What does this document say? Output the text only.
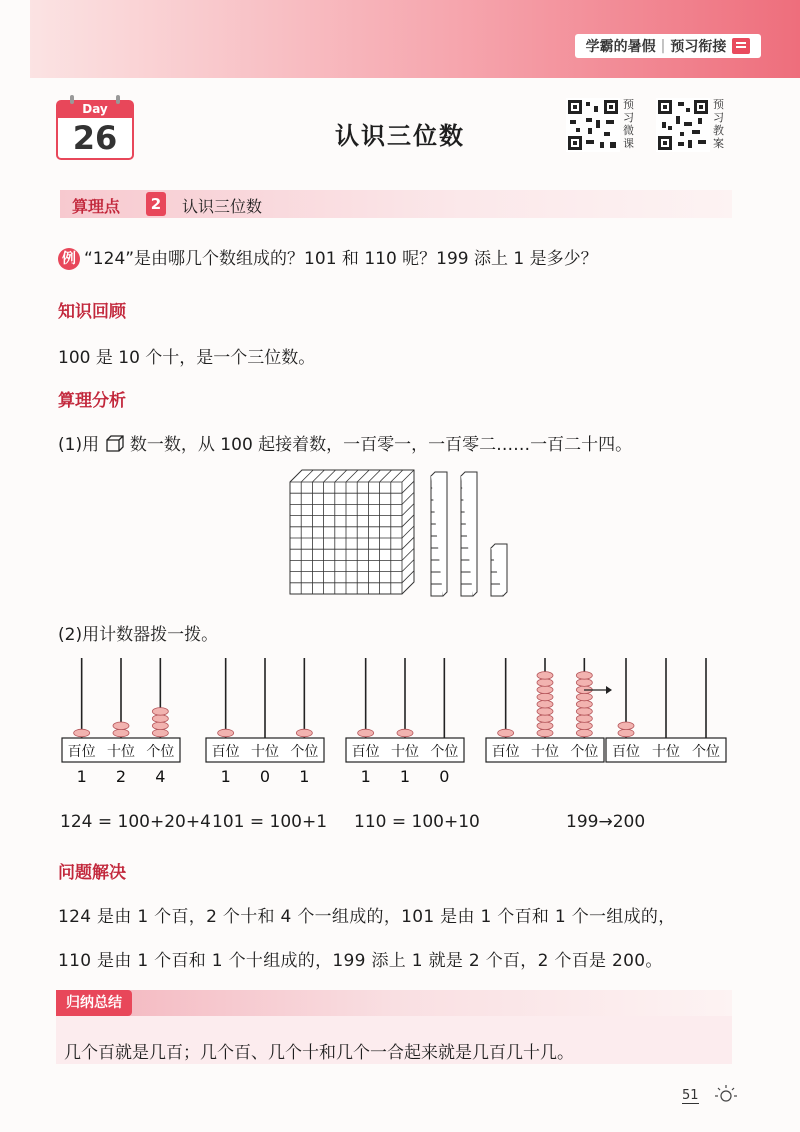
学霸的暑假 | 预习衔接
Day
26	认识三位数
预习微课
预习教案
算理点	2 认识三位数
例 “124”是由哪几个数组成的？101 和 110 呢？199 添上 1 是多少？
知识回顾
100 是 10 个十，是一个三位数。
算理分析
(1)用 数一数，从 100 起接着数，一百零一，一百零二……一百二十四。
(2)用计数器拨一拨。
百位 十位 个位
1 2 4
百位 十位 个位
1 0 1
百位 十位 个位
1 1 0
百位 十位 个位 百位 十位 个位
124 = 100+20+4 101 = 100+1 110 = 100+10	199→200
问题解决
124 是由 1 个百，2 个十和 4 个一组成的，101 是由 1 个百和 1 个一组成的，
110 是由 1 个百和 1 个十组成的，199 添上 1 就是 2 个百，2 个百是 200。
归纳总结
几个百就是几百；几个百、几个十和几个一合起来就是几百几十几。
51
